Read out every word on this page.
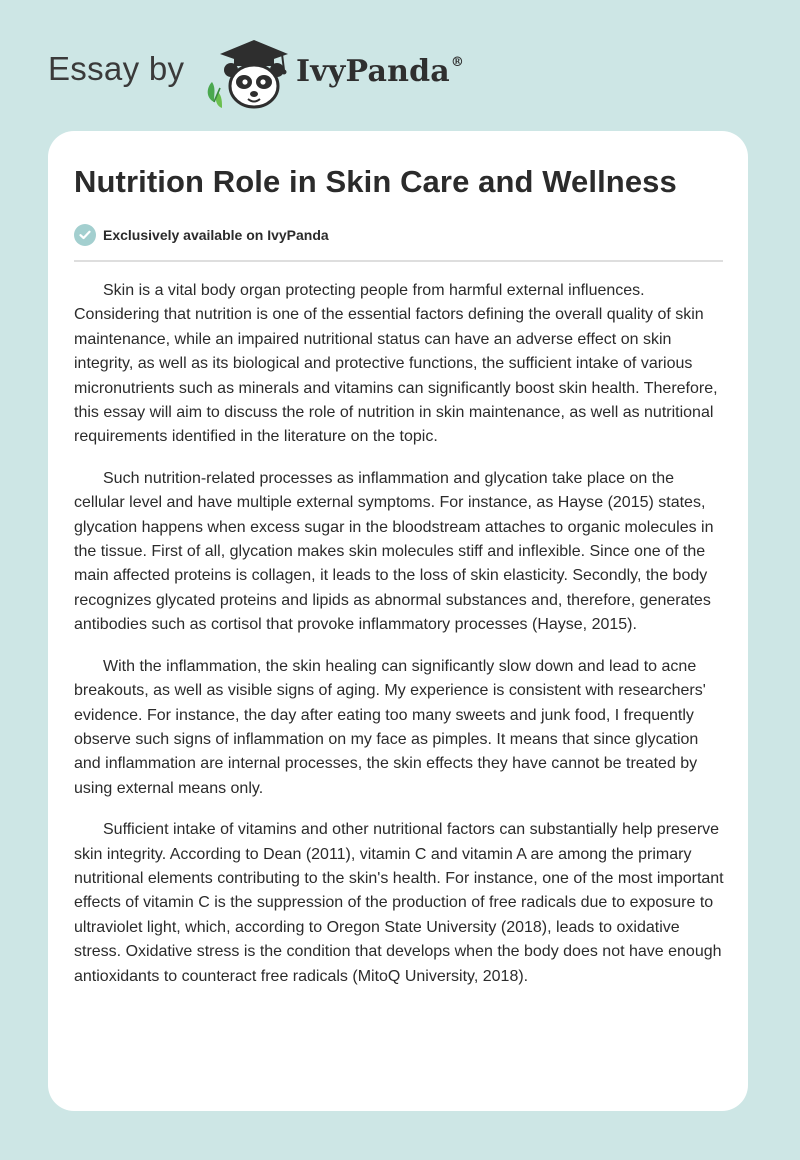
Essay by	IvyPanda®
Nutrition Role in Skin Care and Wellness
Exclusively available on IvyPanda

Skin is a vital body organ protecting people from harmful external influences. Considering that nutrition is one of the essential factors defining the overall quality of skin maintenance, while an impaired nutritional status can have an adverse effect on skin integrity, as well as its biological and protective functions, the sufficient intake of various micronutrients such as minerals and vitamins can significantly boost skin health. Therefore, this essay will aim to discuss the role of nutrition in skin maintenance, as well as nutritional requirements identified in the literature on the topic.

Such nutrition-related processes as inflammation and glycation take place on the cellular level and have multiple external symptoms. For instance, as Hayse (2015) states, glycation happens when excess sugar in the bloodstream attaches to organic molecules in the tissue. First of all, glycation makes skin molecules stiff and inflexible. Since one of the main affected proteins is collagen, it leads to the loss of skin elasticity. Secondly, the body recognizes glycated proteins and lipids as abnormal substances and, therefore, generates antibodies such as cortisol that provoke inflammatory processes (Hayse, 2015).

With the inflammation, the skin healing can significantly slow down and lead to acne breakouts, as well as visible signs of aging. My experience is consistent with researchers' evidence. For instance, the day after eating too many sweets and junk food, I frequently observe such signs of inflammation on my face as pimples. It means that since glycation and inflammation are internal processes, the skin effects they have cannot be treated by using external means only.

Sufficient intake of vitamins and other nutritional factors can substantially help preserve skin integrity. According to Dean (2011), vitamin C and vitamin A are among the primary nutritional elements contributing to the skin's health. For instance, one of the most important effects of vitamin C is the suppression of the production of free radicals due to exposure to ultraviolet light, which, according to Oregon State University (2018), leads to oxidative stress. Oxidative stress is the condition that develops when the body does not have enough antioxidants to counteract free radicals (MitoQ University, 2018).
